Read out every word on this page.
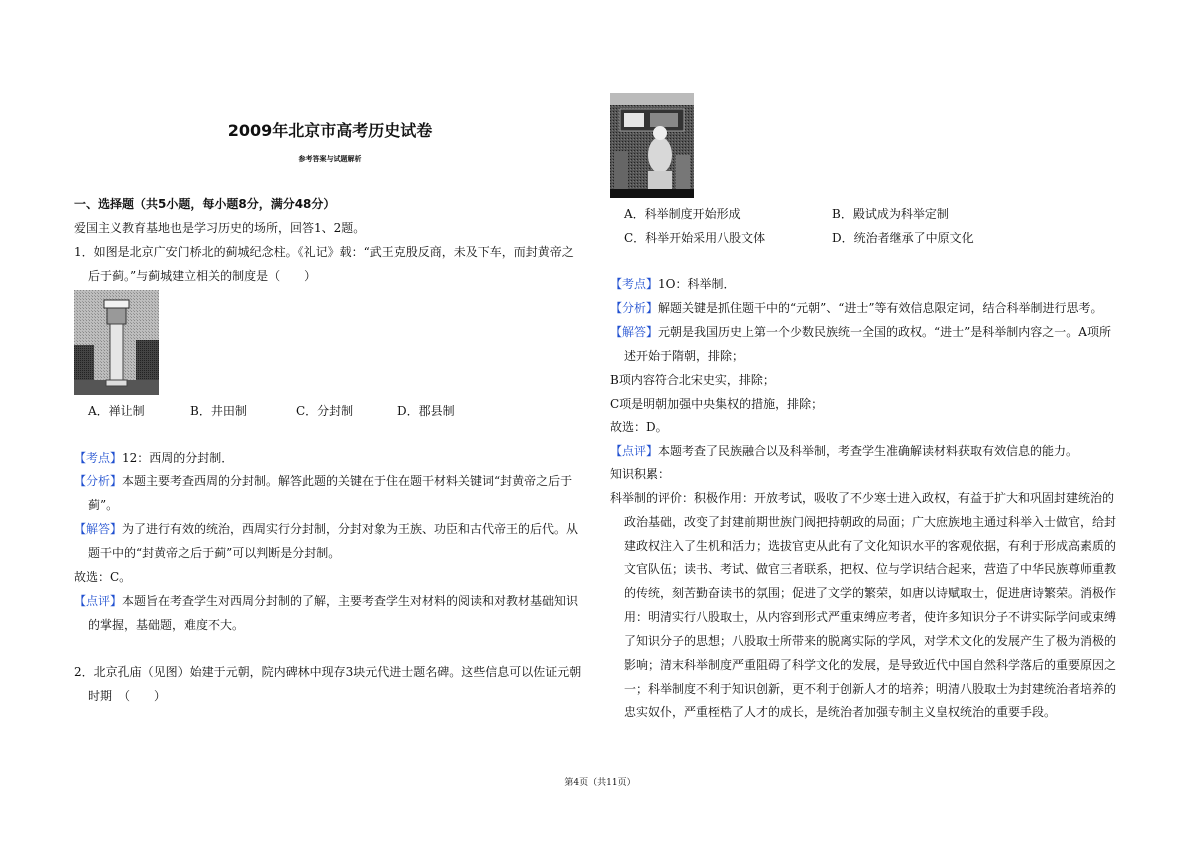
2009年北京市高考历史试卷
参考答案与试题解析
一、选择题（共5小题，每小题8分，满分48分）
爱国主义教育基地也是学习历史的场所，回答1、2题。
1．如图是北京广安门桥北的蓟城纪念柱。《礼记》载：“武王克殷反商，未及下车，而封黄帝之
后于蓟。”与蓟城建立相关的制度是（　　）
A．禅让制	B．井田制	C．分封制	D．郡县制
【考点】12：西周的分封制．
【分析】本题主要考查西周的分封制。解答此题的关键在于住在题干材料关键词“封黄帝之后于
蓟”。
【解答】为了进行有效的统治，西周实行分封制，分封对象为王族、功臣和古代帝王的后代。从
题干中的“封黄帝之后于蓟”可以判断是分封制。
故选：C。
【点评】本题旨在考查学生对西周分封制的了解，主要考查学生对材料的阅读和对教材基础知识
的掌握，基础题，难度不大。
2．北京孔庙（见图）始建于元朝，院内碑林中现存3块元代进士题名碑。这些信息可以佐证元朝
时期　（　　）
A．科举制度开始形成	B．殿试成为科举定制
C．科举开始采用八股文体	D．统治者继承了中原文化
【考点】1O：科举制．
【分析】解题关键是抓住题干中的“元朝”、“进士”等有效信息限定词，结合科举制进行思考。
【解答】元朝是我国历史上第一个少数民族统一全国的政权。“进士”是科举制内容之一。A项所
述开始于隋朝，排除；
B项内容符合北宋史实，排除；
C项是明朝加强中央集权的措施，排除；
故选：D。
【点评】本题考查了民族融合以及科举制，考查学生准确解读材料获取有效信息的能力。
知识积累：
科举制的评价：积极作用：开放考试，吸收了不少寒士进入政权，有益于扩大和巩固封建统治的
政治基础，改变了封建前期世族门阀把持朝政的局面；广大庶族地主通过科举入士做官，给封
建政权注入了生机和活力；选拔官吏从此有了文化知识水平的客观依据，有利于形成高素质的
文官队伍；读书、考试、做官三者联系，把权、位与学识结合起来，营造了中华民族尊师重教
的传统，刻苦勤奋读书的氛围；促进了文学的繁荣，如唐以诗赋取士，促进唐诗繁荣。消极作
用：明清实行八股取士，从内容到形式严重束缚应考者，使许多知识分子不讲实际学问或束缚
了知识分子的思想；八股取士所带来的脱离实际的学风，对学术文化的发展产生了极为消极的
影响；清末科举制度严重阻碍了科学文化的发展，是导致近代中国自然科学落后的重要原因之
一；科举制度不利于知识创新，更不利于创新人才的培养；明清八股取士为封建统治者培养的
忠实奴仆，严重桎梏了人才的成长，是统治者加强专制主义皇权统治的重要手段。
第4页（共11页）
